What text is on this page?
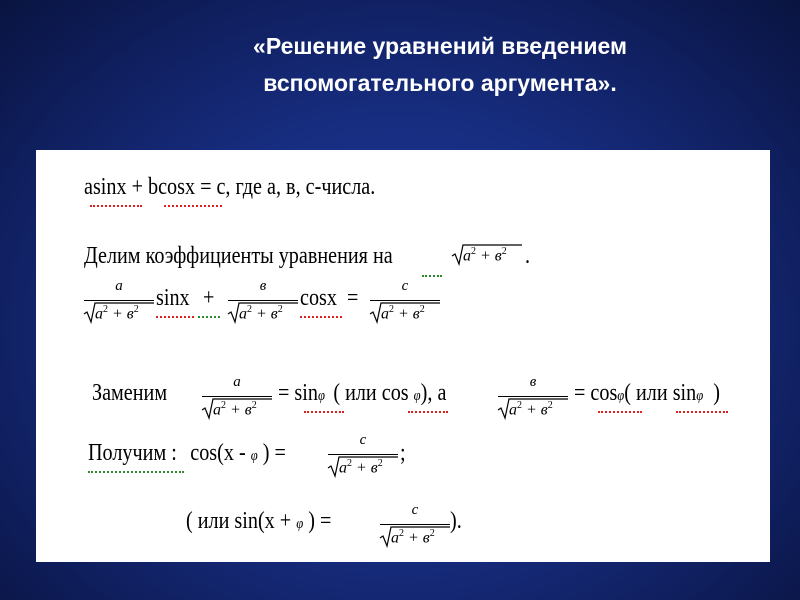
«Решение уравнений введением
вспомогательного аргумента».
asinx + bcosx = c, где а, в, с-числа.
Делим коэффициенты уравнения на	$a^2 + в^2$ .
a
$a^2 + в^2$ sinx +	в
$a^2 + в^2$ cosx =	c
$a^2 + в^2$
Заменим	a
$a^2 + в^2 = \sin\varphi$ ( или cos φ), а	в
$a^2 + в^2 = \cos\varphi$( или sinφ )
Получим : cos(x - φ ) =	c
$a^2 + в^2$ ;
( или sin(x + φ ) =	c
$a^2 + в^2$ ).
